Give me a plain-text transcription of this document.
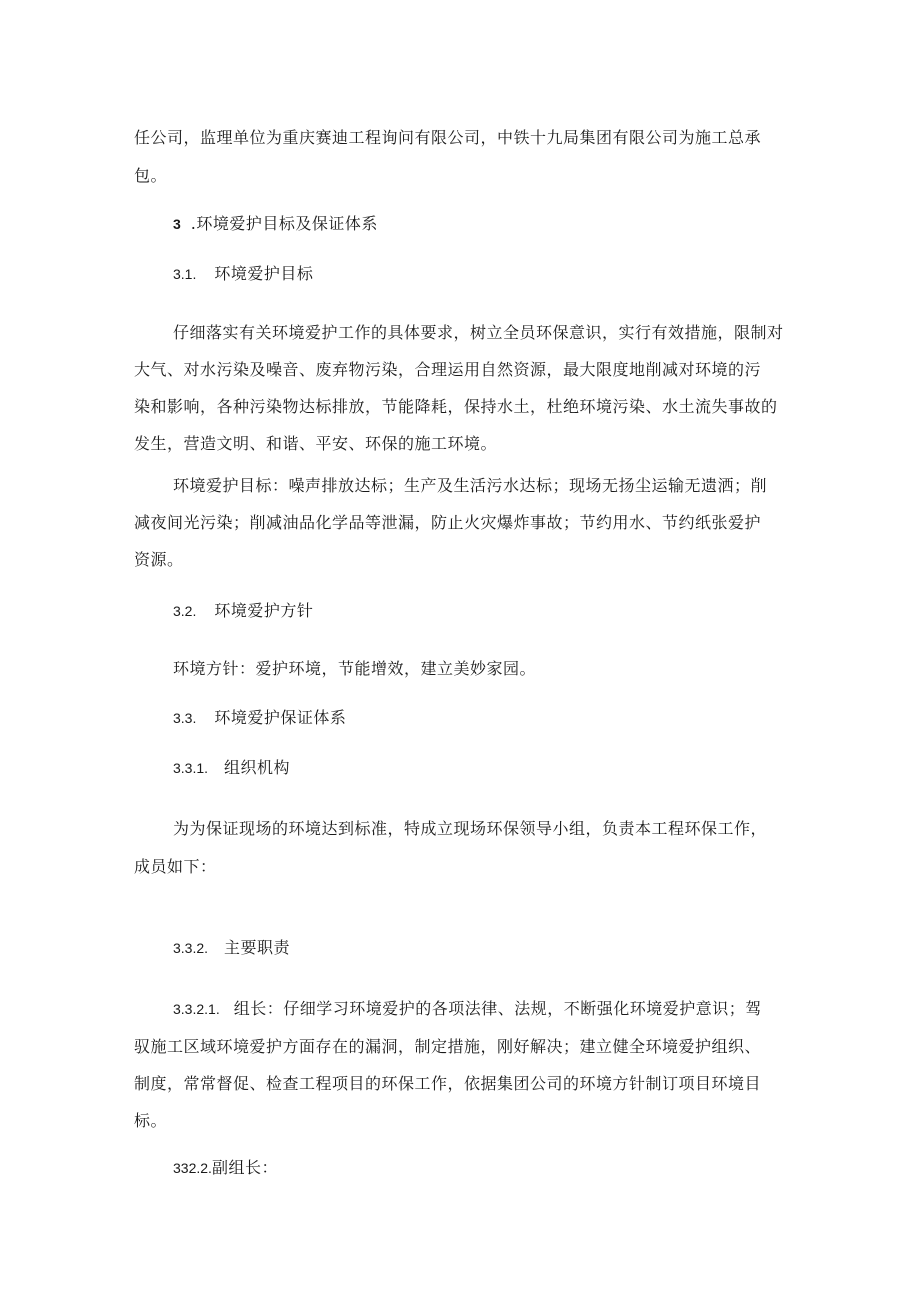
任公司，监理单位为重庆赛迪工程询问有限公司，中铁十九局集团有限公司为施工总承
包。
3 .环境爱护目标及保证体系
3.1. 环境爱护目标
仔细落实有关环境爱护工作的具体要求，树立全员环保意识，实行有效措施，限制对
大气、对水污染及噪音、废弃物污染，合理运用自然资源，最大限度地削减对环境的污
染和影响，各种污染物达标排放，节能降耗，保持水土，杜绝环境污染、水土流失事故的
发生，营造文明、和谐、平安、环保的施工环境。
环境爱护目标：噪声排放达标；生产及生活污水达标；现场无扬尘运输无遗洒；削
减夜间光污染；削减油品化学品等泄漏，防止火灾爆炸事故；节约用水、节约纸张爱护
资源。
3.2. 环境爱护方针
环境方针：爱护环境，节能增效，建立美妙家园。
3.3. 环境爱护保证体系
3.3.1. 组织机构
为为保证现场的环境达到标准，特成立现场环保领导小组，负责本工程环保工作，
成员如下：
3.3.2. 主要职责
3.3.2.1. 组长：仔细学习环境爱护的各项法律、法规，不断强化环境爱护意识；驾
驭施工区域环境爱护方面存在的漏洞，制定措施，刚好解决；建立健全环境爱护组织、
制度，常常督促、检查工程项目的环保工作，依据集团公司的环境方针制订项目环境目
标。
332.2.副组长：
